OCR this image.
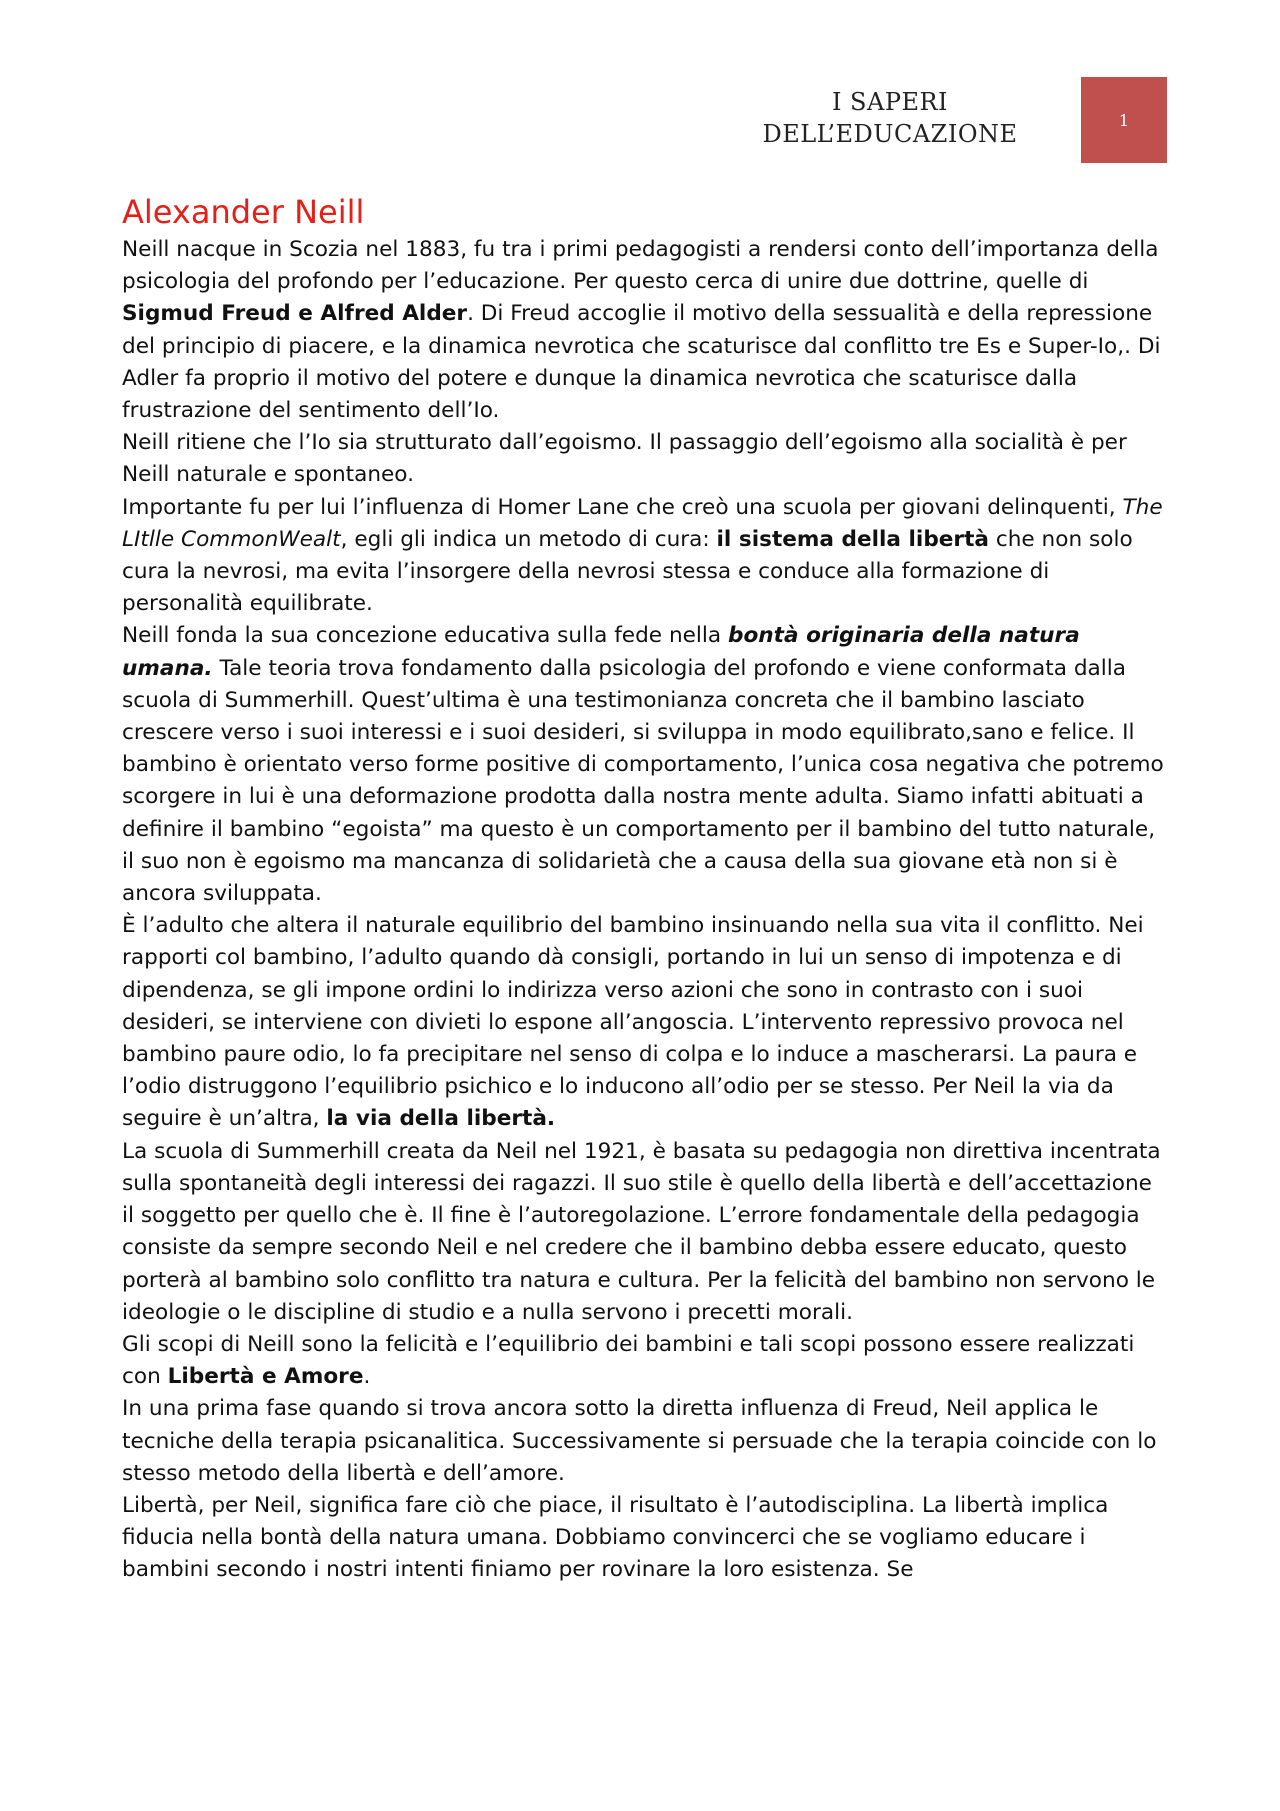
I SAPERI
DELL’EDUCAZIONE	1
Alexander Neill

Neill nacque in Scozia nel 1883, fu tra i primi pedagogisti a rendersi conto dell’importanza della psicologia del profondo per l’educazione. Per questo cerca di unire due dottrine, quelle di Sigmud Freud e Alfred Alder. Di Freud accoglie il motivo della sessualità e della repressione del principio di piacere, e la dinamica nevrotica che scaturisce dal conflitto tre Es e Super-Io,. Di Adler fa proprio il motivo del potere e dunque la dinamica nevrotica che scaturisce dalla frustrazione del sentimento dell’Io.

Neill ritiene che l’Io sia strutturato dall’egoismo. Il passaggio dell’egoismo alla socialità è per Neill naturale e spontaneo.

Importante fu per lui l’influenza di Homer Lane che creò una scuola per giovani delinquenti, The LItlle CommonWealt, egli gli indica un metodo di cura: il sistema della libertà che non solo cura la nevrosi, ma evita l’insorgere della nevrosi stessa e conduce alla formazione di personalità equilibrate.

Neill fonda la sua concezione educativa sulla fede nella bontà originaria della natura umana. Tale teoria trova fondamento dalla psicologia del profondo e viene conformata dalla scuola di Summerhill. Quest’ultima è una testimonianza concreta che il bambino lasciato crescere verso i suoi interessi e i suoi desideri, si sviluppa in modo equilibrato,sano e felice. Il bambino è orientato verso forme positive di comportamento, l’unica cosa negativa che potremo scorgere in lui è una deformazione prodotta dalla nostra mente adulta. Siamo infatti abituati a definire il bambino “egoista” ma questo è un comportamento per il bambino del tutto naturale, il suo non è egoismo ma mancanza di solidarietà che a causa della sua giovane età non si è ancora sviluppata.

È l’adulto che altera il naturale equilibrio del bambino insinuando nella sua vita il conflitto. Nei rapporti col bambino, l’adulto quando dà consigli, portando in lui un senso di impotenza e di dipendenza, se gli impone ordini lo indirizza verso azioni che sono in contrasto con i suoi desideri, se interviene con divieti lo espone all’angoscia. L’intervento repressivo provoca nel bambino paure odio, lo fa precipitare nel senso di colpa e lo induce a mascherarsi. La paura e l’odio distruggono l’equilibrio psichico e lo inducono all’odio per se stesso. Per Neil la via da seguire è un’altra, la via della libertà.

La scuola di Summerhill creata da Neil nel 1921, è basata su pedagogia non direttiva incentrata sulla spontaneità degli interessi dei ragazzi. Il suo stile è quello della libertà e dell’accettazione il soggetto per quello che è. Il fine è l’autoregolazione. L’errore fondamentale della pedagogia consiste da sempre secondo Neil e nel credere che il bambino debba essere educato, questo porterà al bambino solo conflitto tra natura e cultura. Per la felicità del bambino non servono le ideologie o le discipline di studio e a nulla servono i precetti morali.

Gli scopi di Neill sono la felicità e l’equilibrio dei bambini e tali scopi possono essere realizzati con Libertà e Amore.

In una prima fase quando si trova ancora sotto la diretta influenza di Freud, Neil applica le tecniche della terapia psicanalitica. Successivamente si persuade che la terapia coincide con lo stesso metodo della libertà e dell’amore.

Libertà, per Neil, significa fare ciò che piace, il risultato è l’autodisciplina. La libertà implica fiducia nella bontà della natura umana. Dobbiamo convincerci che se vogliamo educare i bambini secondo i nostri intenti finiamo per rovinare la loro esistenza. Se
